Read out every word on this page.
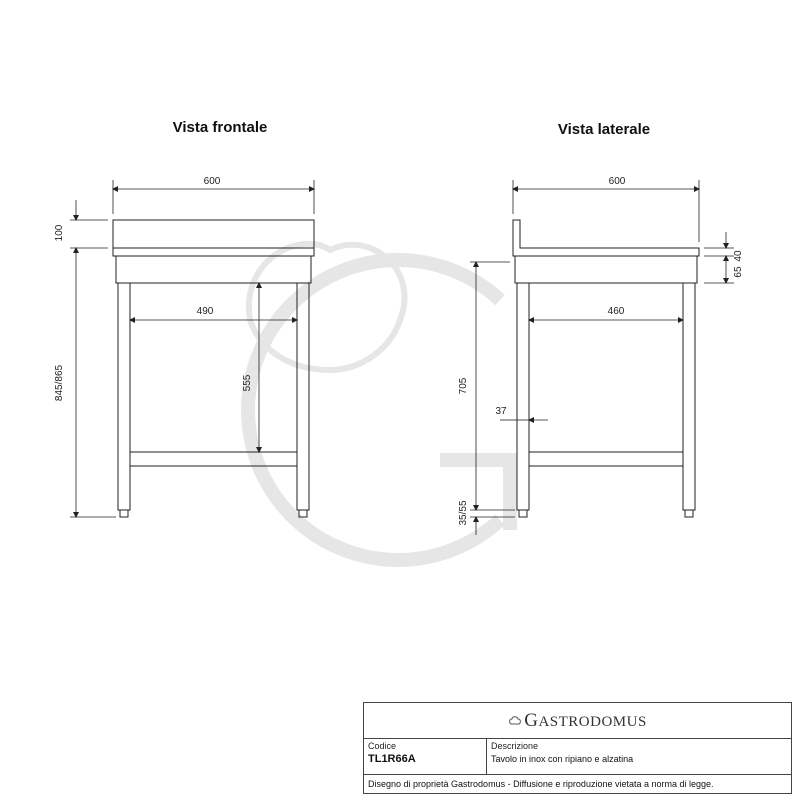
Vista frontale	Vista laterale
600
490
100
845/865	555
600
460
40
65
705
37
35/55
GASTRODOMUS
Codice
TL1R66A
Descrizione
Tavolo in inox con ripiano e alzatina
Disegno di proprietà Gastrodomus - Diffusione e riproduzione vietata a norma di legge.
